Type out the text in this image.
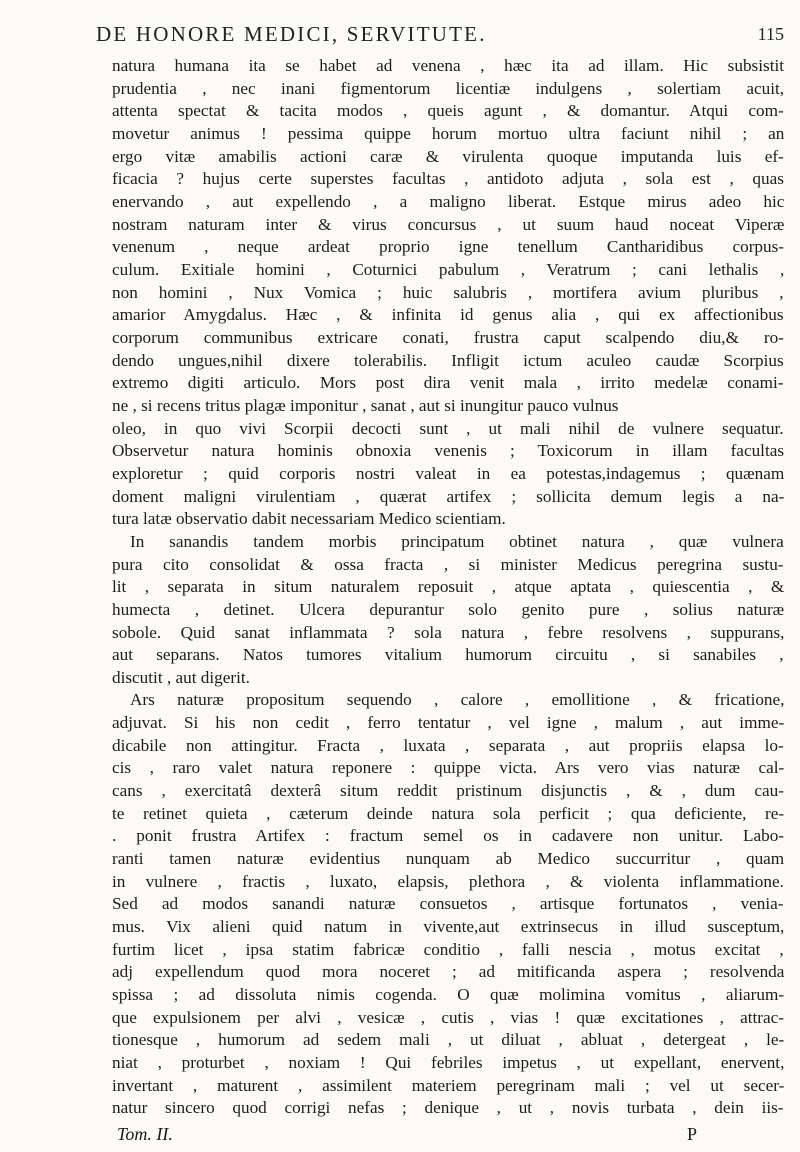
DE HONORE MEDICI, SERVITUTE.	115
natura humana ita se habet ad venena , hæc ita ad illam. Hic subsistit
prudentia , nec inani figmentorum licentiæ indulgens , solertiam acuit,
attenta spectat & tacita modos , queis agunt , & domantur. Atqui com-
movetur animus ! pessima quippe horum mortuo ultra faciunt nihil ; an
ergo vitæ amabilis actioni caræ & virulenta quoque imputanda luis ef-
ficacia ? hujus certe superstes facultas , antidoto adjuta , sola est , quas
enervando , aut expellendo , a maligno liberat. Estque mirus adeo hic
nostram naturam inter & virus concursus , ut suum haud noceat Viperæ
venenum , neque ardeat proprio igne tenellum Cantharidibus corpus-
culum. Exitiale homini , Coturnici pabulum , Veratrum ; cani lethalis ,
non homini , Nux Vomica ; huic salubris , mortifera avium pluribus ,
amarior Amygdalus. Hæc , & infinita id genus alia , qui ex affectionibus
corporum communibus extricare conati, frustra caput scalpendo diu,& ro-
dendo ungues,nihil dixere tolerabilis. Infligit ictum aculeo caudæ Scorpius
extremo digiti articulo. Mors post dira venit mala , irrito medelæ conami-
ne , si recens tritus plagæ imponitur , sanat , aut si inungitur pauco vulnus
oleo, in quo vivi Scorpii decocti sunt , ut mali nihil de vulnere sequatur.
Observetur natura hominis obnoxia venenis ; Toxicorum in illam facultas
exploretur ; quid corporis nostri valeat in ea potestas,indagemus ; quænam
doment maligni virulentiam , quærat artifex ; sollicita demum legis a na-
tura latæ observatio dabit necessariam Medico scientiam.
In sanandis tandem morbis principatum obtinet natura , quæ vulnera
pura cito consolidat & ossa fracta , si minister Medicus peregrina sustu-
lit , separata in situm naturalem reposuit , atque aptata , quiescentia , &
humecta , detinet. Ulcera depurantur solo genito pure , solius naturæ
sobole. Quid sanat inflammata ? sola natura , febre resolvens , suppurans,
aut separans. Natos tumores vitalium humorum circuitu , si sanabiles ,
discutit , aut digerit.
Ars naturæ propositum sequendo , calore , emollitione , & fricatione,
adjuvat. Si his non cedit , ferro tentatur , vel igne , malum , aut imme-
dicabile non attingitur. Fracta , luxata , separata , aut propriis elapsa lo-
cis , raro valet natura reponere : quippe victa. Ars vero vias naturæ cal-
cans , exercitatâ dexterâ situm reddit pristinum disjunctis , & , dum cau-
te retinet quieta , cæterum deinde natura sola perficit ; qua deficiente, re-
. ponit frustra Artifex : fractum semel os in cadavere non unitur. Labo-
ranti tamen naturæ evidentius nunquam ab Medico succurritur , quam
in vulnere , fractis , luxato, elapsis, plethora , & violenta inflammatione.
Sed ad modos sanandi naturæ consuetos , artisque fortunatos , venia-
mus. Vix alieni quid natum in vivente,aut extrinsecus in illud susceptum,
furtim licet , ipsa statim fabricæ conditio , falli nescia , motus excitat ,
adj expellendum quod mora noceret ; ad mitificanda aspera ; resolvenda
spissa ; ad dissoluta nimis cogenda. O quæ molimina vomitus , aliarum-
que expulsionem per alvi , vesicæ , cutis , vias ! quæ excitationes , attrac-
tionesque , humorum ad sedem mali , ut diluat , abluat , detergeat , le-
niat , proturbet , noxiam ! Qui febriles impetus , ut expellant, enervent,
invertant , maturent , assimilent materiem peregrinam mali ; vel ut secer-
natur sincero quod corrigi nefas ; denique , ut , novis turbata , dein iis-
Tom. II.	P
